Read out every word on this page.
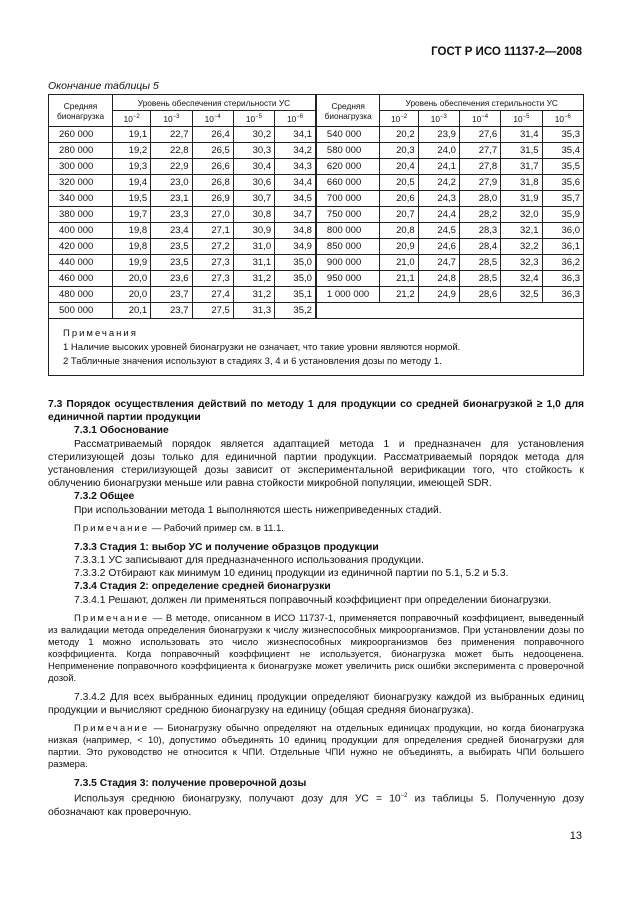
ГОСТ Р ИСО 11137-2—2008
Окончание таблицы 5
Средняя бионагрузка	Уровень обеспечения стерильности УС					Средняя бионагрузка	Уровень обеспечения стерильности УС				
	$10^{-2}$	$10^{-3}$	$10^{-4}$	$10^{-5}$	$10^{-6}$		$10^{-2}$	$10^{-3}$	$10^{-4}$	$10^{-5}$	$10^{-6}$
260 000	19,1	22,7	26,4	30,2	34,1	540 000	20,2	23,9	27,6	31,4	35,3
280 000	19,2	22,8	26,5	30,3	34,2	580 000	20,3	24,0	27,7	31,5	35,4
300 000	19,3	22,9	26,6	30,4	34,3	620 000	20,4	24,1	27,8	31,7	35,5
320 000	19,4	23,0	26,8	30,6	34,4	660 000	20,5	24,2	27,9	31,8	35,6
340 000	19,5	23,1	26,9	30,7	34,5	700 000	20,6	24,3	28,0	31,9	35,7
380 000	19,7	23,3	27,0	30,8	34,7	750 000	20,7	24,4	28,2	32,0	35,9
400 000	19,8	23,4	27,1	30,9	34,8	800 000	20,8	24,5	28,3	32,1	36,0
420 000	19,8	23,5	27,2	31,0	34,9	850 000	20,9	24,6	28,4	32,2	36,1
440 000	19,9	23,5	27,3	31,1	35,0	900 000	21,0	24,7	28,5	32,3	36,2
460 000	20,0	23,6	27,3	31,2	35,0	950 000	21,1	24,8	28,5	32,4	36,3
480 000	20,0	23,7	27,4	31,2	35,1	1 000 000	21,2	24,9	28,6	32,5	36,3
500 000	20,1	23,7	27,5	31,3	35,2						

Примечания
1 Наличие высоких уровней бионагрузки не означает, что такие уровни являются нормой.
2 Табличные значения используют в стадиях 3, 4 и 6 установления дозы по методу 1.											

7.3 Порядок осуществления действий по методу 1 для продукции со средней бионагрузкой ≥ 1,0 для единичной партии продукции

7.3.1 Обоснование

Рассматриваемый порядок является адаптацией метода 1 и предназначен для установления стерилизующей дозы только для единичной партии продукции. Рассматриваемый порядок метода для установления стерилизующей дозы зависит от экспериментальной верификации того, что стойкость к облучению бионагрузки меньше или равна стойкости микробной популяции, имеющей SDR.

7.3.2 Общее

При использовании метода 1 выполняются шесть нижеприведенных стадий.

Примечание — Рабочий пример см. в 11.1.

7.3.3 Стадия 1: выбор УС и получение образцов продукции

7.3.3.1 УС записывают для предназначенного использования продукции.

7.3.3.2 Отбирают как минимум 10 единиц продукции из единичной партии по 5.1, 5.2 и 5.3.

7.3.4 Стадия 2: определение средней бионагрузки

7.3.4.1 Решают, должен ли применяться поправочный коэффициент при определении бионагрузки.

Примечание — В методе, описанном в ИСО 11737-1, применяется поправочный коэффициент, выведенный из валидации метода определения бионагрузки к числу жизнеспособных микроорганизмов. При установлении дозы по методу 1 можно использовать это число жизнеспособных микроорганизмов без применения поправочного коэффициента. Когда поправочный коэффициент не используется, бионагрузка может быть недооценена. Неприменение поправочного коэффициента к бионагрузке может увеличить риск ошибки эксперимента с проверочной дозой.

7.3.4.2 Для всех выбранных единиц продукции определяют бионагрузку каждой из выбранных единиц продукции и вычисляют среднюю бионагрузку на единицу (общая средняя бионагрузка).

Примечание — Бионагрузку обычно определяют на отдельных единицах продукции, но когда бионагрузка низкая (например, < 10), допустимо объединять 10 единиц продукции для определения средней бионагрузки для партии. Это руководство не относится к ЧПИ. Отдельные ЧПИ нужно не объединять, а выбирать ЧПИ большего размера.

7.3.5 Стадия 3: получение проверочной дозы

Используя среднюю бионагрузку, получают дозу для УС = $10^{-2}$ из таблицы 5. Полученную дозу обозначают как проверочную.

13
